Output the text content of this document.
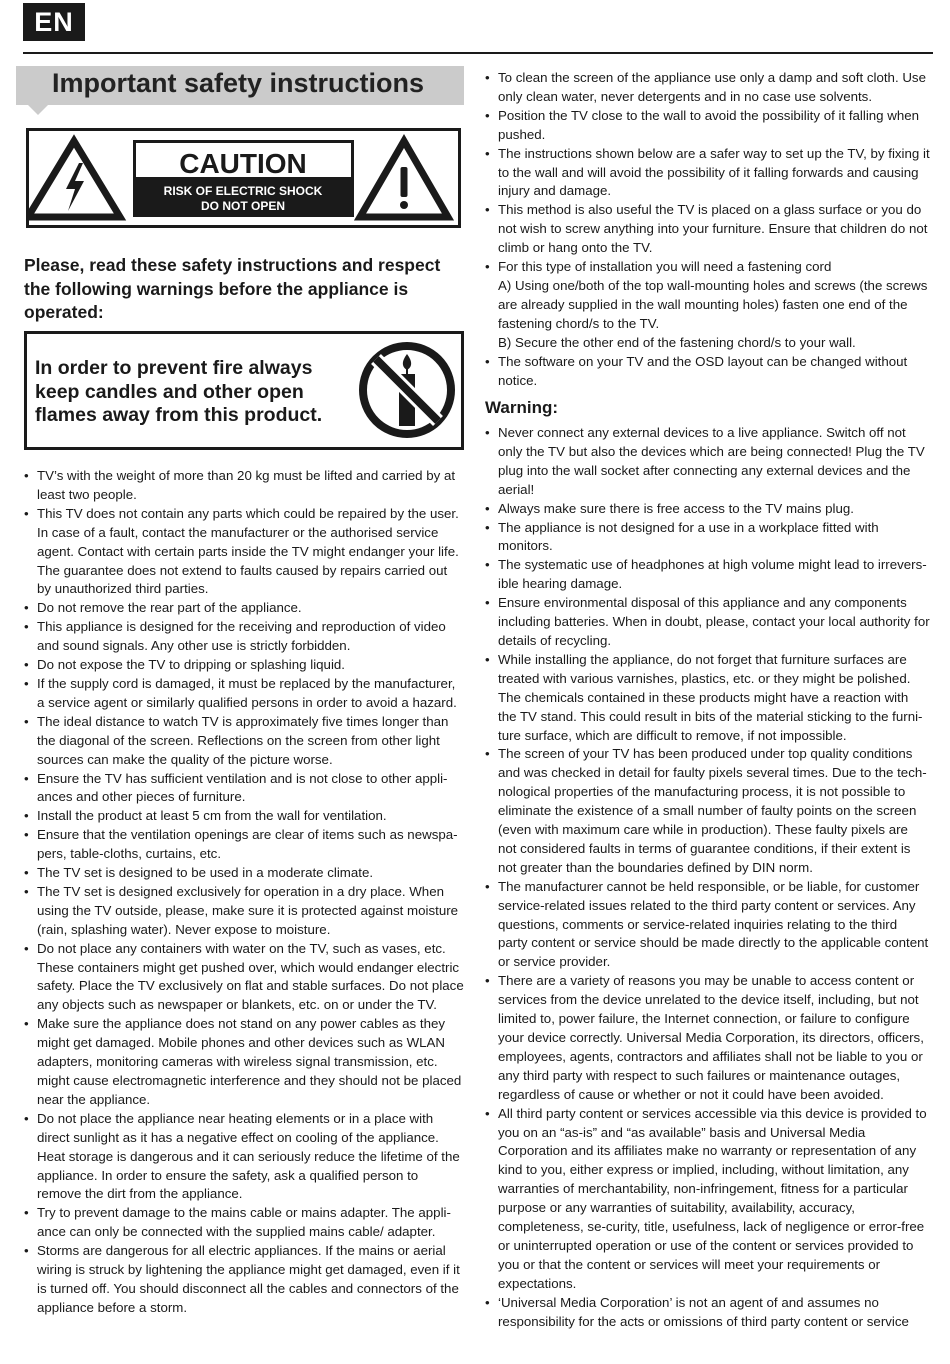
EN
Important safety instructions
CAUTION
RISK OF ELECTRIC SHOCK
DO NOT OPEN

Please, read these safety instructions and respect the following warnings before the appliance is operated:

In order to prevent fire always keep candles and other open flames away from this product.

• TV’s with the weight of more than 20 kg must be lifted and carried by at least two people.
• This TV does not contain any parts which could be repaired by the user. In case of a fault, contact the manufacturer or the authorised service agent. Contact with certain parts inside the TV might endanger your life. The guarantee does not extend to faults caused by repairs carried out by unauthorized third parties.
• Do not remove the rear part of the appliance.
• This appliance is designed for the receiving and reproduction of video and sound signals. Any other use is strictly forbidden.
• Do not expose the TV to dripping or splashing liquid.
• If the supply cord is damaged, it must be replaced by the manufacturer, a service agent or similarly qualified persons in order to avoid a hazard.
• The ideal distance to watch TV is approximately five times longer than the diagonal of the screen. Reflections on the screen from other light sources can make the quality of the picture worse.
• Ensure the TV has sufficient ventilation and is not close to other appli-ances and other pieces of furniture.
• Install the product at least 5 cm from the wall for ventilation.
• Ensure that the ventilation openings are clear of items such as newspa-pers, table-cloths, curtains, etc.
• The TV set is designed to be used in a moderate climate.
• The TV set is designed exclusively for operation in a dry place. When using the TV outside, please, make sure it is protected against moisture (rain, splashing water). Never expose to moisture.
• Do not place any containers with water on the TV, such as vases, etc. These containers might get pushed over, which would endanger electric safety. Place the TV exclusively on flat and stable surfaces. Do not place any objects such as newspaper or blankets, etc. on or under the TV.
• Make sure the appliance does not stand on any power cables as they might get damaged. Mobile phones and other devices such as WLAN adapters, monitoring cameras with wireless signal transmission, etc. might cause electromagnetic interference and they should not be placed near the appliance.
• Do not place the appliance near heating elements or in a place with direct sunlight as it has a negative effect on cooling of the appliance. Heat storage is dangerous and it can seriously reduce the lifetime of the appliance. In order to ensure the safety, ask a qualified person to remove the dirt from the appliance.
• Try to prevent damage to the mains cable or mains adapter. The appli-ance can only be connected with the supplied mains cable/ adapter.
• Storms are dangerous for all electric appliances. If the mains or aerial wiring is struck by lightening the appliance might get damaged, even if it is turned off. You should disconnect all the cables and connectors of the appliance before a storm.
• To clean the screen of the appliance use only a damp and soft cloth. Use only clean water, never detergents and in no case use solvents.
• Position the TV close to the wall to avoid the possibility of it falling when pushed.
• The instructions shown below are a safer way to set up the TV, by fixing it to the wall and will avoid the possibility of it falling forwards and causing injury and damage.
• This method is also useful the TV is placed on a glass surface or you do not wish to screw anything into your furniture. Ensure that children do not climb or hang onto the TV.
• For this type of installation you will need a fastening cord
A) Using one/both of the top wall-mounting holes and screws (the screws are already supplied in the wall mounting holes) fasten one end of the fastening chord/s to the TV.
B) Secure the other end of the fastening chord/s to your wall.
• The software on your TV and the OSD layout can be changed without notice.
Warning:
• Never connect any external devices to a live appliance. Switch off not only the TV but also the devices which are being connected! Plug the TV plug into the wall socket after connecting any external devices and the aerial!
• Always make sure there is free access to the TV mains plug.
• The appliance is not designed for a use in a workplace fitted with monitors.
• The systematic use of headphones at high volume might lead to irrevers-ible hearing damage.
• Ensure environmental disposal of this appliance and any components including batteries. When in doubt, please, contact your local authority for details of recycling.
• While installing the appliance, do not forget that furniture surfaces are treated with various varnishes, plastics, etc. or they might be polished. The chemicals contained in these products might have a reaction with the TV stand. This could result in bits of the material sticking to the furni-ture surface, which are difficult to remove, if not impossible.
• The screen of your TV has been produced under top quality conditions and was checked in detail for faulty pixels several times. Due to the tech-nological properties of the manufacturing process, it is not possible to eliminate the existence of a small number of faulty points on the screen (even with maximum care while in production). These faulty pixels are not considered faults in terms of guarantee conditions, if their extent is not greater than the boundaries defined by DIN norm.
• The manufacturer cannot be held responsible, or be liable, for customer service-related issues related to the third party content or services. Any questions, comments or service-related inquiries relating to the third party content or service should be made directly to the applicable content or service provider.
• There are a variety of reasons you may be unable to access content or services from the device unrelated to the device itself, including, but not limited to, power failure, the Internet connection, or failure to configure your device correctly. Universal Media Corporation, its directors, officers, employees, agents, contractors and affiliates shall not be liable to you or any third party with respect to such failures or maintenance outages, regardless of cause or whether or not it could have been avoided.
• All third party content or services accessible via this device is provided to you on an “as-is” and “as available” basis and Universal Media Corporation and its affiliates make no warranty or representation of any kind to you, either express or implied, including, without limitation, any warranties of merchantability, non-infringement, fitness for a particular purpose or any warranties of suitability, availability, accuracy, completeness, se-curity, title, usefulness, lack of negligence or error-free or uninterrupted operation or use of the content or services provided to you or that the content or services will meet your requirements or expectations.
• ‘Universal Media Corporation’ is not an agent of and assumes no responsibility for the acts or omissions of third party content or service
